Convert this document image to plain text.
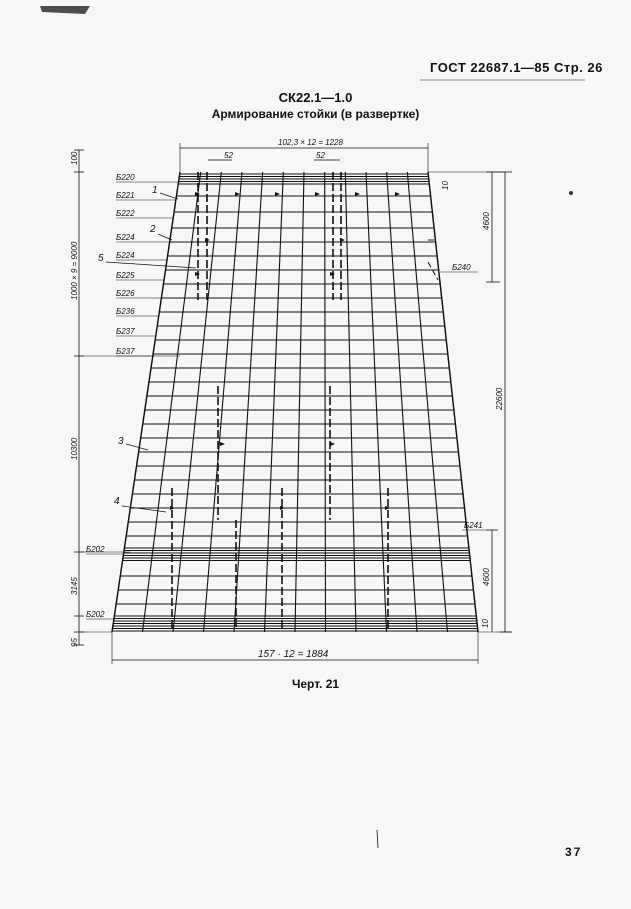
ГОСТ 22687.1—85 Стр. 26
СК22.1—1.0
Армирование стойки (в развертке)
102,3 × 12 = 1228
52	52
157 · 12 = 1884
100
1000 × 9 = 9000
10300
3145
95
4600
22600
4600
10
10
Б220
Б221
Б222
Б224
Б224
Б225
Б226
Б236
Б237
Б237
Б202
Б202
Б240
Б241
1
2
5
3
4
Черт. 21
37
